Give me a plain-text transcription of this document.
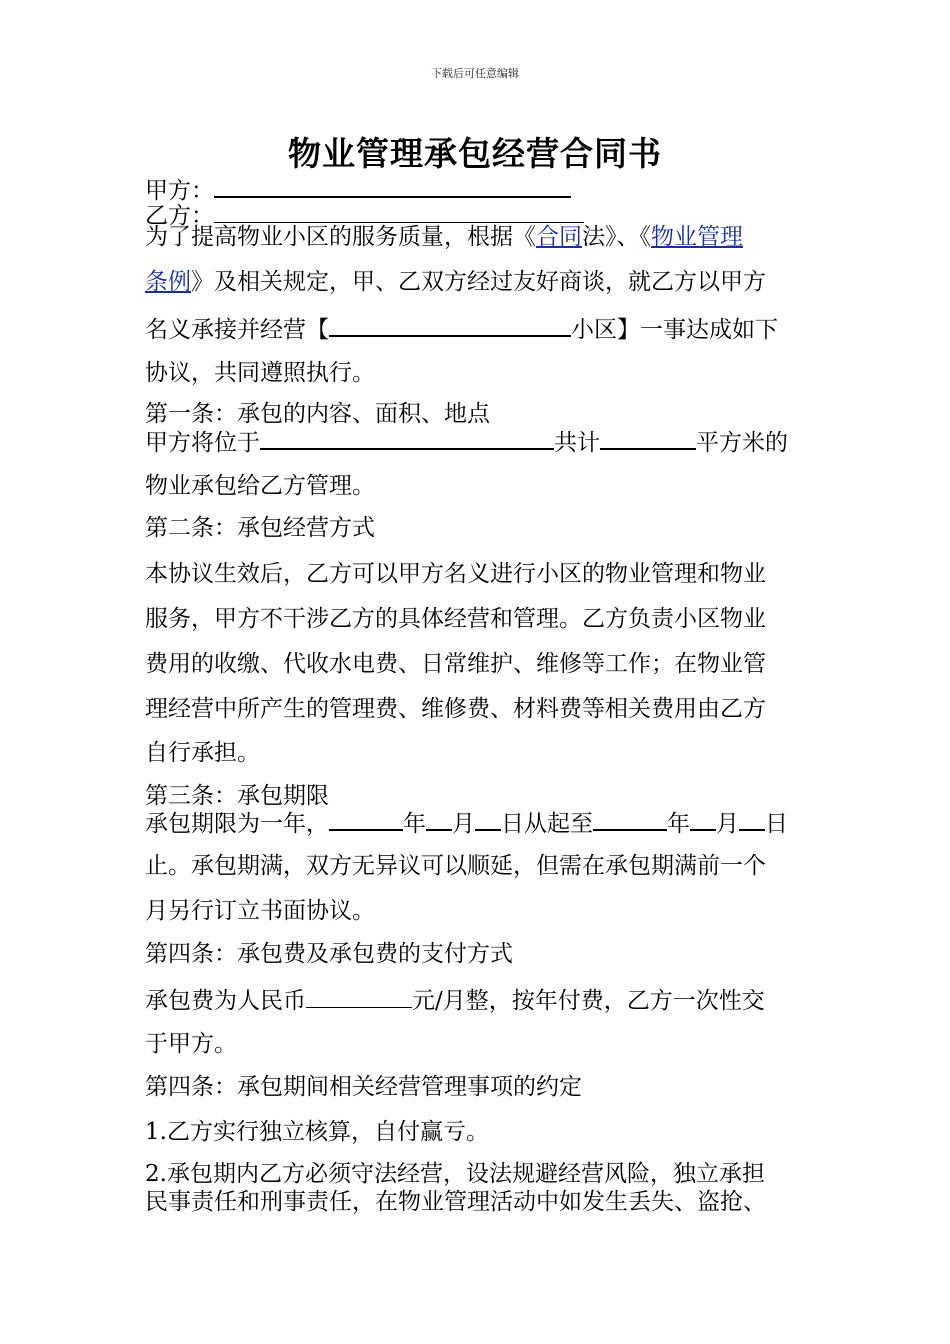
下载后可任意编辑
物业管理承包经营合同书
甲方：
乙方：
为了提高物业小区的服务质量，根据《合同法》、《物业管理
条例》及相关规定，甲、乙双方经过友好商谈，就乙方以甲方
名义承接并经营【	小区】一事达成如下
协议，共同遵照执行。
第一条：承包的内容、面积、地点
甲方将位于	共计	平方米的
物业承包给乙方管理。
第二条：承包经营方式
本协议生效后，乙方可以甲方名义进行小区的物业管理和物业
服务，甲方不干涉乙方的具体经营和管理。乙方负责小区物业
费用的收缴、代收水电费、日常维护、维修等工作；在物业管
理经营中所产生的管理费、维修费、材料费等相关费用由乙方
自行承担。
第三条：承包期限
承包期限为一年，	年 月 日从起至	年 月 日
止。承包期满，双方无异议可以顺延，但需在承包期满前一个
月另行订立书面协议。
第四条：承包费及承包费的支付方式
承包费为人民币	元/月整，按年付费，乙方一次性交
于甲方。
第四条：承包期间相关经营管理事项的约定
1.乙方实行独立核算，自付赢亏。
2.承包期内乙方必须守法经营，设法规避经营风险，独立承担
民事责任和刑事责任，在物业管理活动中如发生丢失、盗抢、
